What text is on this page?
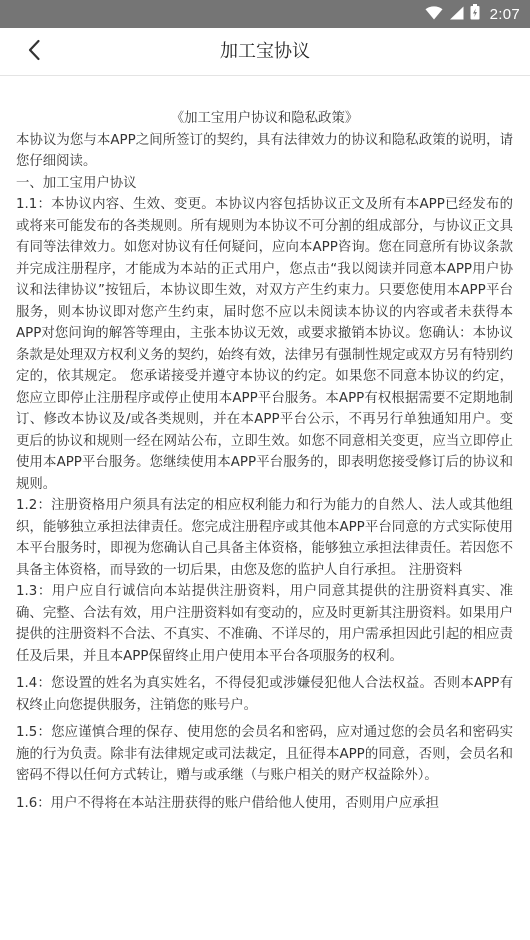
2:07
加工宝协议
《加工宝用户协议和隐私政策》
本协议为您与本APP之间所签订的契约，具有法律效力的协议和隐私政策的说明，请您仔细阅读。
一、加工宝用户协议
1.1：本协议内容、生效、变更。本协议内容包括协议正文及所有本APP已经发布的或将来可能发布的各类规则。所有规则为本协议不可分割的组成部分，与协议正文具有同等法律效力。如您对协议有任何疑问，应向本APP咨询。您在同意所有协议条款并完成注册程序，才能成为本站的正式用户，您点击“我以阅读并同意本APP用户协议和法律协议”按钮后，本协议即生效，对双方产生约束力。只要您使用本APP平台服务，则本协议即对您产生约束，届时您不应以未阅读本协议的内容或者未获得本APP对您问询的解答等理由，主张本协议无效，或要求撤销本协议。您确认：本协议条款是处理双方权利义务的契约，始终有效，法律另有强制性规定或双方另有特别约定的，依其规定。 您承诺接受并遵守本协议的约定。如果您不同意本协议的约定，您应立即停止注册程序或停止使用本APP平台服务。本APP有权根据需要不定期地制订、修改本协议及/或各类规则，并在本APP平台公示，不再另行单独通知用户。变更后的协议和规则一经在网站公布，立即生效。如您不同意相关变更，应当立即停止使用本APP平台服务。您继续使用本APP平台服务的，即表明您接受修订后的协议和规则。
1.2：注册资格用户须具有法定的相应权利能力和行为能力的自然人、法人或其他组织，能够独立承担法律责任。您完成注册程序或其他本APP平台同意的方式实际使用本平台服务时，即视为您确认自己具备主体资格，能够独立承担法律责任。若因您不具备主体资格，而导致的一切后果，由您及您的监护人自行承担。 注册资料
1.3：用户应自行诚信向本站提供注册资料，用户同意其提供的注册资料真实、准确、完整、合法有效，用户注册资料如有变动的，应及时更新其注册资料。如果用户提供的注册资料不合法、不真实、不准确、不详尽的，用户需承担因此引起的相应责任及后果，并且本APP保留终止用户使用本平台各项服务的权利。
1.4：您设置的姓名为真实姓名，不得侵犯或涉嫌侵犯他人合法权益。否则本APP有权终止向您提供服务，注销您的账号户。
1.5：您应谨慎合理的保存、使用您的会员名和密码，应对通过您的会员名和密码实施的行为负责。除非有法律规定或司法裁定，且征得本APP的同意，否则，会员名和密码不得以任何方式转让，赠与或承继（与账户相关的财产权益除外）。
1.6：用户不得将在本站注册获得的账户借给他人使用，否则用户应承担
